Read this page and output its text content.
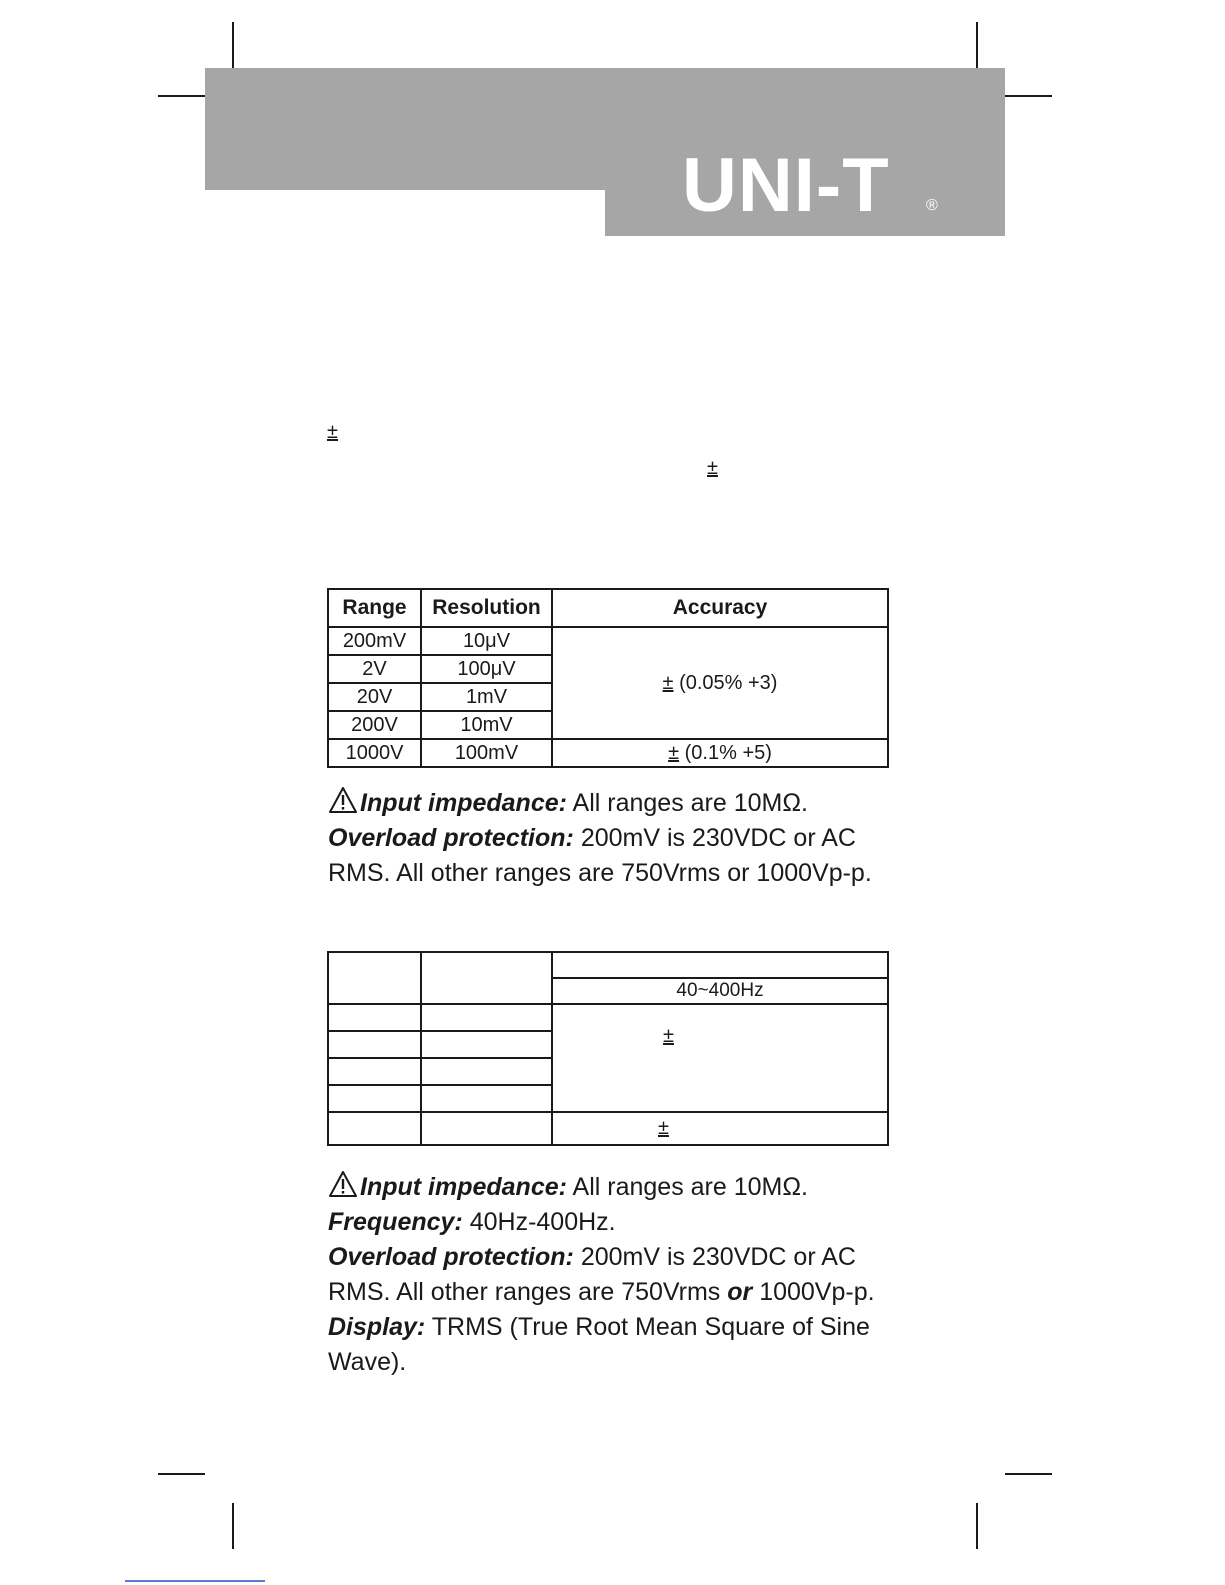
UNI-T ®
±
±
Range	Resolution	Accuracy
200mV	10μV	± (0.05% +3)
2V	100μV	
20V	1mV	
200V	10mV	
1000V	100mV	± (0.1% +5)

Input impedance: All ranges are 10MΩ.

Overload protection: 200mV is 230VDC or AC

RMS. All other ranges are 750Vrms or 1000Vp-p.

		40~400Hz
		±

		±

Input impedance: All ranges are 10MΩ.

Frequency: 40Hz-400Hz.

Overload protection: 200mV is 230VDC or AC

RMS. All other ranges are 750Vrms or 1000Vp-p.

Display: TRMS (True Root Mean Square of Sine

Wave).
